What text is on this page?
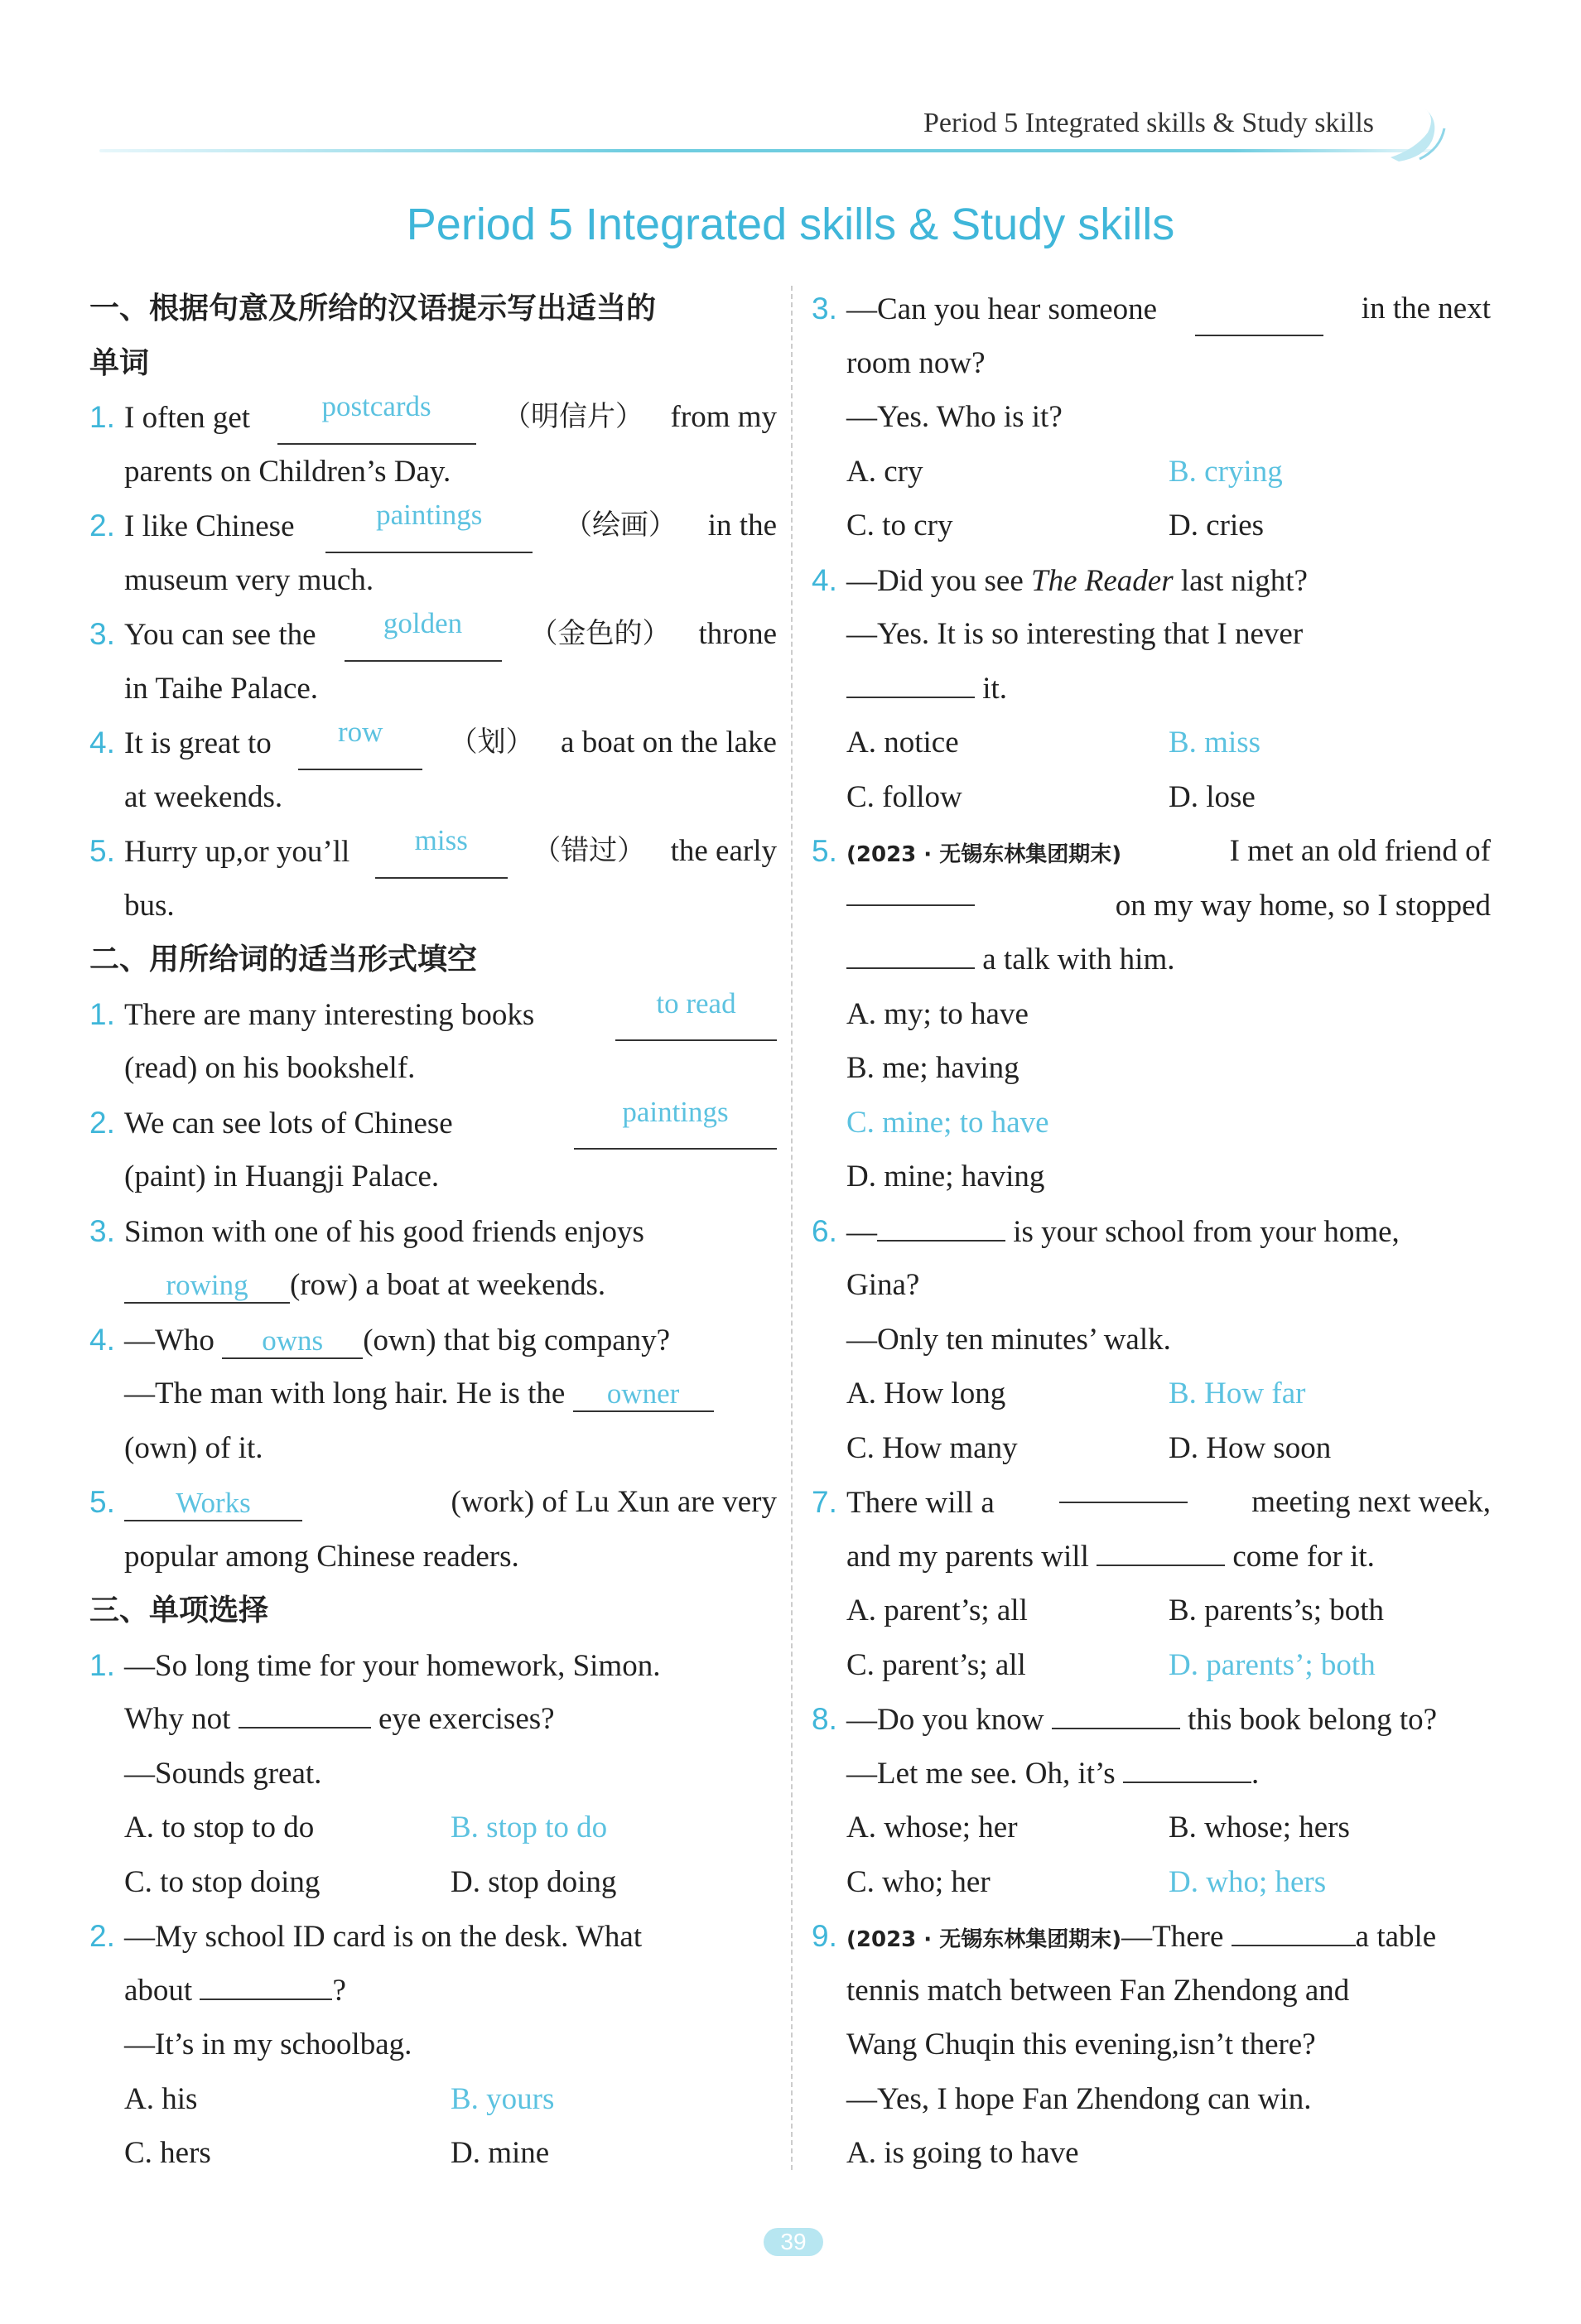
Period 5 Integrated skills & Study skills
Period 5 Integrated skills & Study skills
一、根据句意及所给的汉语提示写出适当的
单词
1. I often get	postcards	（明信片） from my
parents on Children’s Day.
2. I like Chinese	paintings	（绘画） in the
museum very much.
3. You can see the	golden	（金色的） throne
in Taihe Palace.
4. It is great to	row	（划） a boat on the lake
at weekends.
5. Hurry up,or you’ll	miss	（错过） the early
bus.
二、用所给词的适当形式填空
1. There are many interesting books	to read
(read) on his bookshelf.
2. We can see lots of Chinese	paintings
(paint) in Huangji Palace.
3. Simon with one of his good friends enjoys
rowing (row) a boat at weekends.
4. —Who owns (own) that big company?
—The man with long hair. He is the owner
(own) of it.
5. Works	(work) of Lu Xun are very
popular among Chinese readers.
三、单项选择
1. —So long time for your homework, Simon.
Why not	eye exercises?
—Sounds great.
A. to stop to do	B. stop to do
C. to stop doing	D. stop doing
2. —My school ID card is on the desk. What
about	?
—It’s in my schoolbag.
A. his	B. yours
C. hers	D. mine
3. —Can you hear someone	in the next
room now?
—Yes. Who is it?
A. cry	B. crying
C. to cry	D. cries
4. —Did you see The Reader last night?
—Yes. It is so interesting that I never
it.
A. notice	B. miss
C. follow	D. lose
5. (2023 · 无锡东林集团期末)	I met an old friend of
on my way home, so I stopped
a talk with him.
A. my; to have
B. me; having
C. mine; to have
D. mine; having
6. —	is your school from your home,
Gina?
—Only ten minutes’ walk.
A. How long	B. How far
C. How many	D. How soon
7. There will a	meeting next week,
and my parents will	come for it.
A. parent’s; all	B. parents’s; both
C. parent’s; all	D. parents’; both
8. —Do you know	this book belong to?
—Let me see. Oh, it’s	.
A. whose; her	B. whose; hers
C. who; her	D. who; hers
9. (2023 · 无锡东林集团期末)—There	a table
tennis match between Fan Zhendong and
Wang Chuqin this evening,isn’t there?
—Yes, I hope Fan Zhendong can win.
A. is going to have
39
